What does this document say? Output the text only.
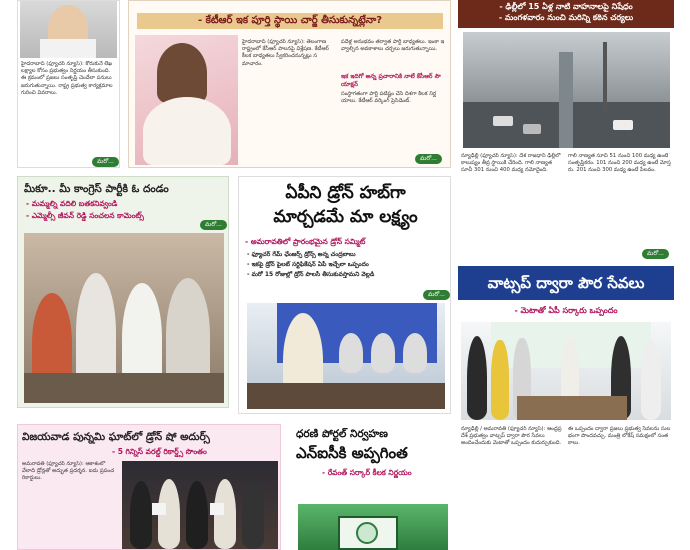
హైదరాబాద్ (ఫ్యూచర్ న్యూస్): కోరుకునే లేఖ లక్ష్యాల కోసం ప్రభుత్వం నిర్ణయం తీసుకుంది. ఈ క్రమంలో ప్రజలు సంతృప్తి చెందేలా పనులు జరుగుతున్నాయి. రాష్ట్ర ప్రభుత్వ కార్యక్రమాల గురించి వివరాలు.
మరో...
- కేటీఆర్ ఇక పూర్తి స్థాయి చార్జ్ తీసుకున్నట్లేనా?
హైదరాబాద్ (ఫ్యూచర్ న్యూస్): తెలంగాణ రాష్ట్రంలో కేసీఆర్ పాలనపై విశ్లేషణ. కేటీఆర్ కీలక బాధ్యతలు స్వీకరించనున్నట్లు సమాచారం.
పదేళ్ల అనుభవం తర్వాత పార్టీ బాధ్యతలు. ఇంకా ఇవ్వాల్సిన అవకాశాలు చర్చలు జరుగుతున్నాయి.
ఇక ఇదిగో అన్న ప్రచారానికి నాలే కేసీఆర్ సౌ యాక్షన్
సంస్థాగతంగా పార్టీ పటిష్టం చేసే దిశగా కీలక నిర్ణయాలు. కేటీఆర్ వర్కింగ్ ప్రెసిడెంట్.
మరో...
- ఢిల్లీలో 15 ఏళ్ల నాటి వాహనాలపై నిషేధం
- మంగళవారం నుంచి మరిన్ని కఠిన చర్యలు
న్యూఢిల్లీ (ఫ్యూచర్ న్యూస్): దేశ రాజధాని ఢిల్లీలో కాలుష్యం తీవ్ర స్థాయికి చేరింది. గాలి నాణ్యత సూచీ 301 నుంచి 400 మధ్య నమోదైంది.
గాలి నాణ్యత సూచీ 51 నుంచి 100 మధ్య ఉంటే సంతృప్తికరం. 101 నుంచి 200 మధ్య ఉంటే మోస్తరు. 201 నుంచి 300 మధ్య ఉంటే పేలవం.
మరో...
మీకూ.. మీ కాంగ్రెస్ పార్టీకి ఓ దండం
- మమ్మల్ని వదిలి బతకనివ్వండి
- ఎమ్మెల్సీ జీవన్ రెడ్డి సంచలన కామెంట్స్
మరో...
ఏపీని డ్రోన్ హబ్‌గా
మార్చడమే మా లక్ష్యం
- అమరావతిలో ప్రారంభమైన డ్రోన్ సమ్మిట్
- ఫ్యూచర్ గేమ్ ఛేంజర్స్ డ్రోన్స్ అన్న చంద్రబాబు
- ఇకపై డ్రోన్ పైలట్ సర్టిఫికేషన్ ఏపీ ఇచ్చేలా ఒప్పందం
- మరో 15 రోజుల్లో డ్రోన్ పాలసీ తీసుకువస్తామని వెల్లడి
మరో...
వాట్సప్ ద్వారా పౌర సేవలు
- మెటాతో ఏపీ సర్కారు ఒప్పందం
న్యూఢిల్లీ / అమరావతి (ఫ్యూచర్ న్యూస్): ఆంధ్రప్రదేశ్ ప్రభుత్వం వాట్సప్ ద్వారా పౌర సేవలు అందించేందుకు మెటాతో ఒప్పందం కుదుర్చుకుంది.
ఈ ఒప్పందం ద్వారా ప్రజలు ప్రభుత్వ సేవలను సులభంగా పొందవచ్చు. మంత్రి లోకేష్ సమక్షంలో సంతకాలు.
విజయవాడ పున్నమి ఘాట్‌లో డ్రోన్ షో అదుర్స్
- 5 గిన్నిస్ వరల్డ్ రికార్డ్స్ సొంతం
అమరావతి (ఫ్యూచర్ న్యూస్): ఆకాశంలో వేలాది డ్రోన్లతో అద్భుత ప్రదర్శన. ఐదు ప్రపంచ రికార్డులు.
ధరణి పోర్టల్ నిర్వహణ
ఎన్ఐసీకి అప్పగింత
- రేవంత్ సర్కార్ కీలక నిర్ణయం
